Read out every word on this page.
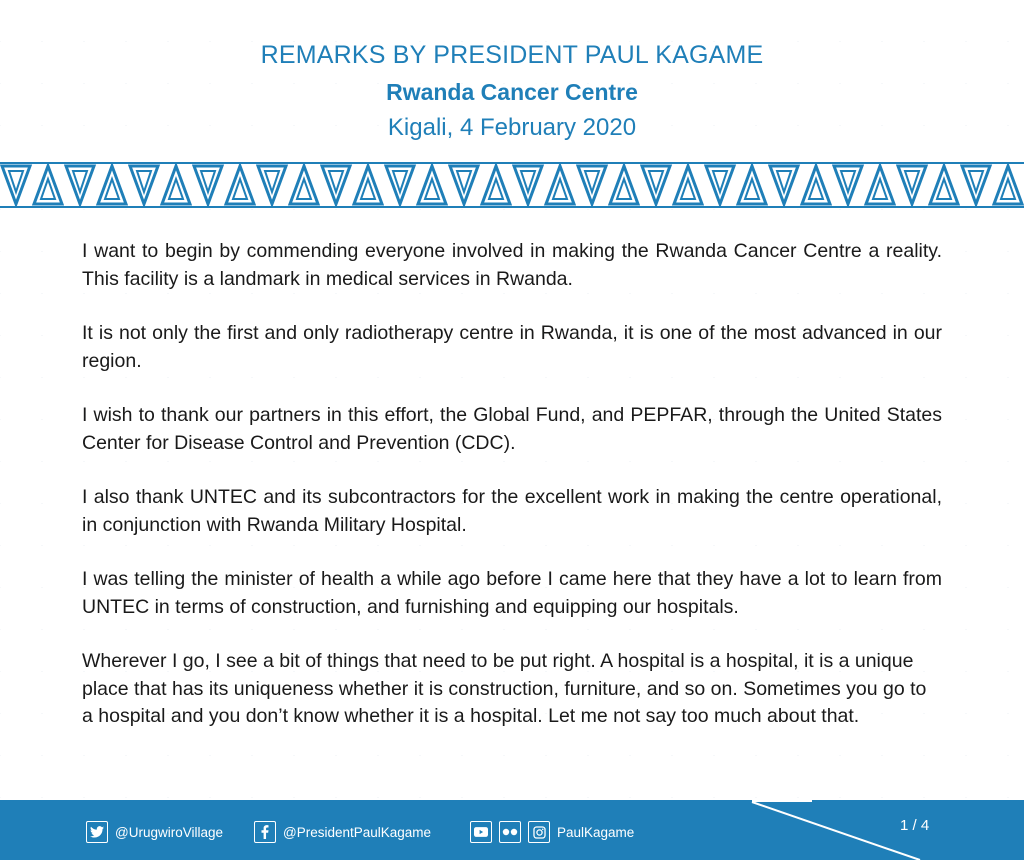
REMARKS BY PRESIDENT PAUL KAGAME
Rwanda Cancer Centre
Kigali, 4 February 2020

I want to begin by commending everyone involved in making the Rwanda Cancer Centre a reality. This facility is a landmark in medical services in Rwanda.

It is not only the first and only radiotherapy centre in Rwanda, it is one of the most advanced in our region.

I wish to thank our partners in this effort, the Global Fund, and PEPFAR, through the United States Center for Disease Control and Prevention (CDC).

I also thank UNTEC and its subcontractors for the excellent work in making the centre operational, in conjunction with Rwanda Military Hospital.

I was telling the minister of health a while ago before I came here that they have a lot to learn from UNTEC in terms of construction, and furnishing and equipping our hospitals.

Wherever I go, I see a bit of things that need to be put right. A hospital is a hospital, it is a unique place that has its uniqueness whether it is construction, furniture, and so on. Sometimes you go to a hospital and you don’t know whether it is a hospital. Let me not say too much about that.

@UrugwiroVillage	@PresidentPaulKagame	PaulKagame	1 / 4
